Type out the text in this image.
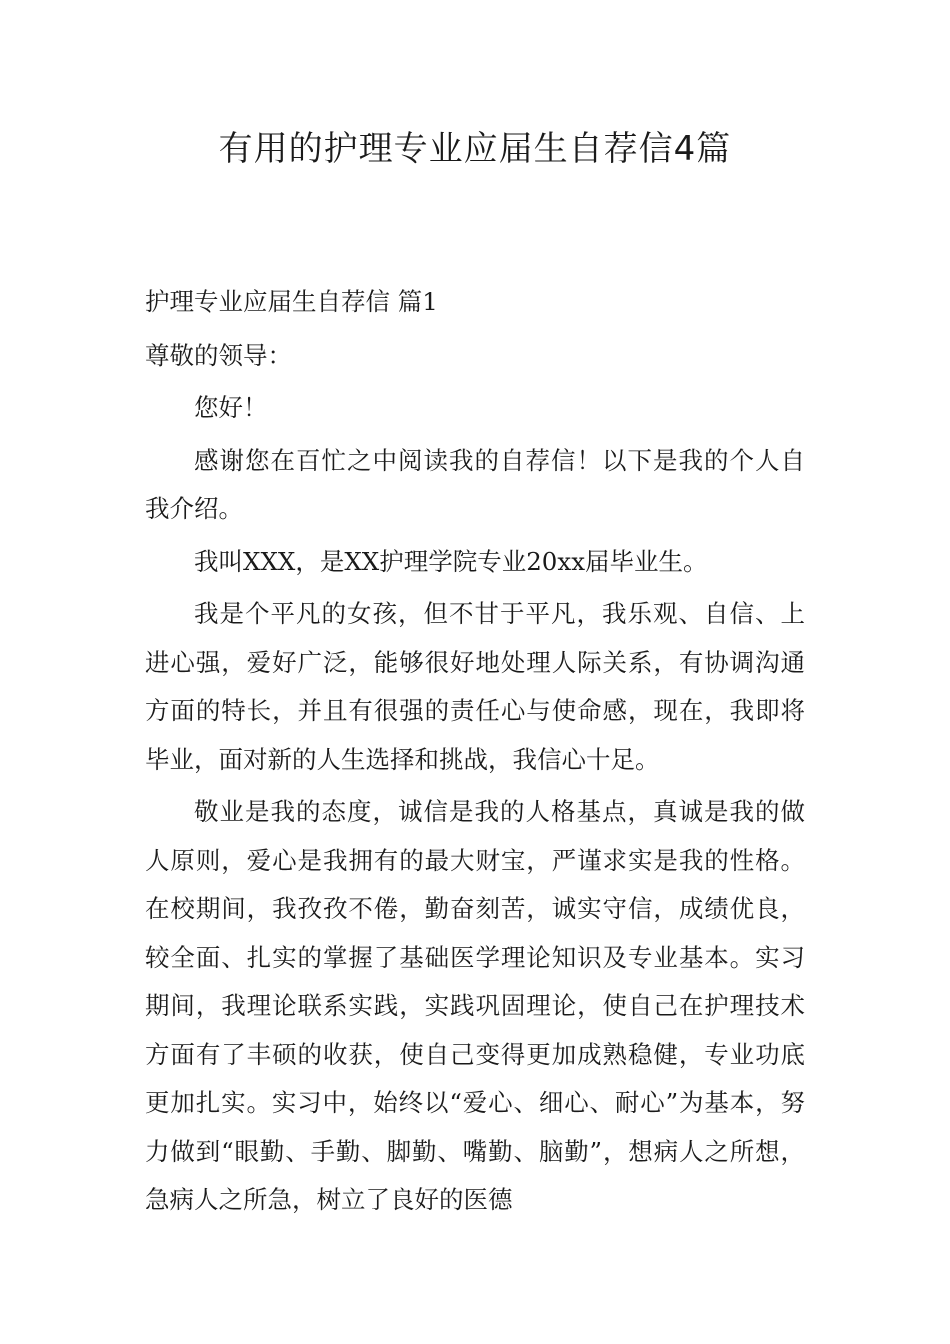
有用的护理专业应届生自荐信4篇

护理专业应届生自荐信 篇1

尊敬的领导：

您好！

感谢您在百忙之中阅读我的自荐信！以下是我的个人自我介绍。

我叫XXX，是XX护理学院专业20xx届毕业生。

我是个平凡的女孩，但不甘于平凡，我乐观、自信、上进心强，爱好广泛，能够很好地处理人际关系，有协调沟通方面的特长，并且有很强的责任心与使命感，现在，我即将毕业，面对新的人生选择和挑战，我信心十足。

敬业是我的态度，诚信是我的人格基点，真诚是我的做人原则，爱心是我拥有的最大财宝，严谨求实是我的性格。在校期间，我孜孜不倦，勤奋刻苦，诚实守信，成绩优良，较全面、扎实的掌握了基础医学理论知识及专业基本。实习期间，我理论联系实践，实践巩固理论，使自己在护理技术方面有了丰硕的收获，使自己变得更加成熟稳健，专业功底更加扎实。实习中，始终以“爱心、细心、耐心”为基本，努力做到“眼勤、手勤、脚勤、嘴勤、脑勤”，想病人之所想，急病人之所急，树立了良好的医德
